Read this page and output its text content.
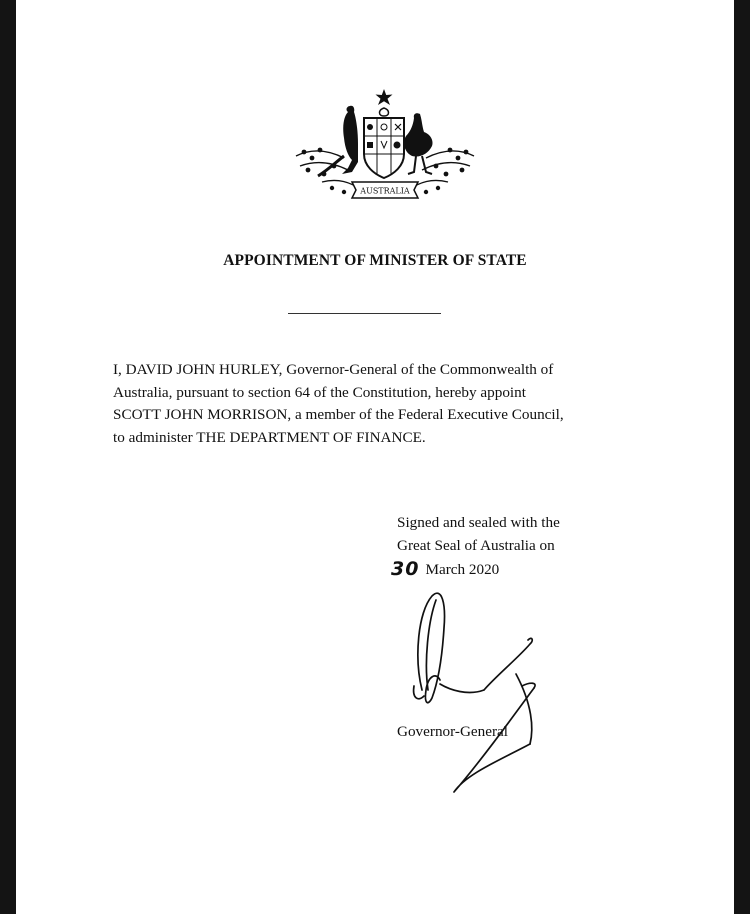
AUSTRALIA
APPOINTMENT OF MINISTER OF STATE

I, DAVID JOHN HURLEY, Governor-General of the Commonwealth of
Australia, pursuant to section 64 of the Constitution, hereby appoint
SCOTT JOHN MORRISON, a member of the Federal Executive Council,
to administer THE DEPARTMENT OF FINANCE.

Signed and sealed with the
Great Seal of Australia on
30 March 2020
Governor-General
